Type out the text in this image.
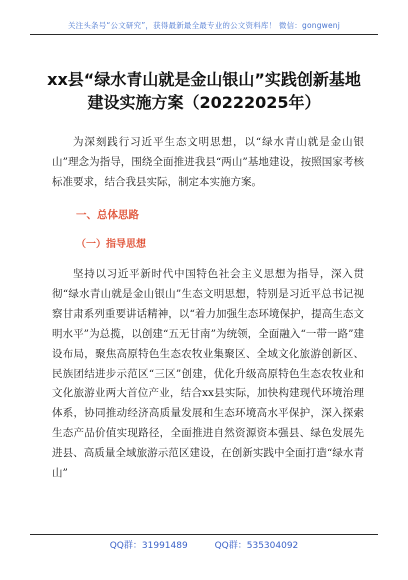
关注头条号“公文研究”，获得最新最全最专业的公文资料库！ 微信：gongwenj
xx县“绿水青山就是金山银山”实践创新基地建设实施方案（20222025年）

为深刻践行习近平生态文明思想，以“绿水青山就是金山银山”理念为指导，围绕全面推进我县“两山”基地建设，按照国家考核标准要求，结合我县实际，制定本实施方案。

一、总体思路
（一）指导思想

坚持以习近平新时代中国特色社会主义思想为指导，深入贯彻“绿水青山就是金山银山”生态文明思想，特别是习近平总书记视察甘肃系列重要讲话精神，以“着力加强生态环境保护，提高生态文明水平”为总揽，以创建“五无甘南”为统领，全面融入“一带一路”建设布局，聚焦高原特色生态农牧业集聚区、全域文化旅游创新区、民族团结进步示范区“三区”创建，优化升级高原特色生态农牧业和文化旅游业两大首位产业，结合xx县实际，加快构建现代环境治理体系，协同推动经济高质量发展和生态环境高水平保护，深入探索生态产品价值实现路径，全面推进自然资源资本强县、绿色发展先进县、高质量全域旅游示范区建设，在创新实践中全面打造“绿水青山”

QQ群：31991489	QQ群：535304092
